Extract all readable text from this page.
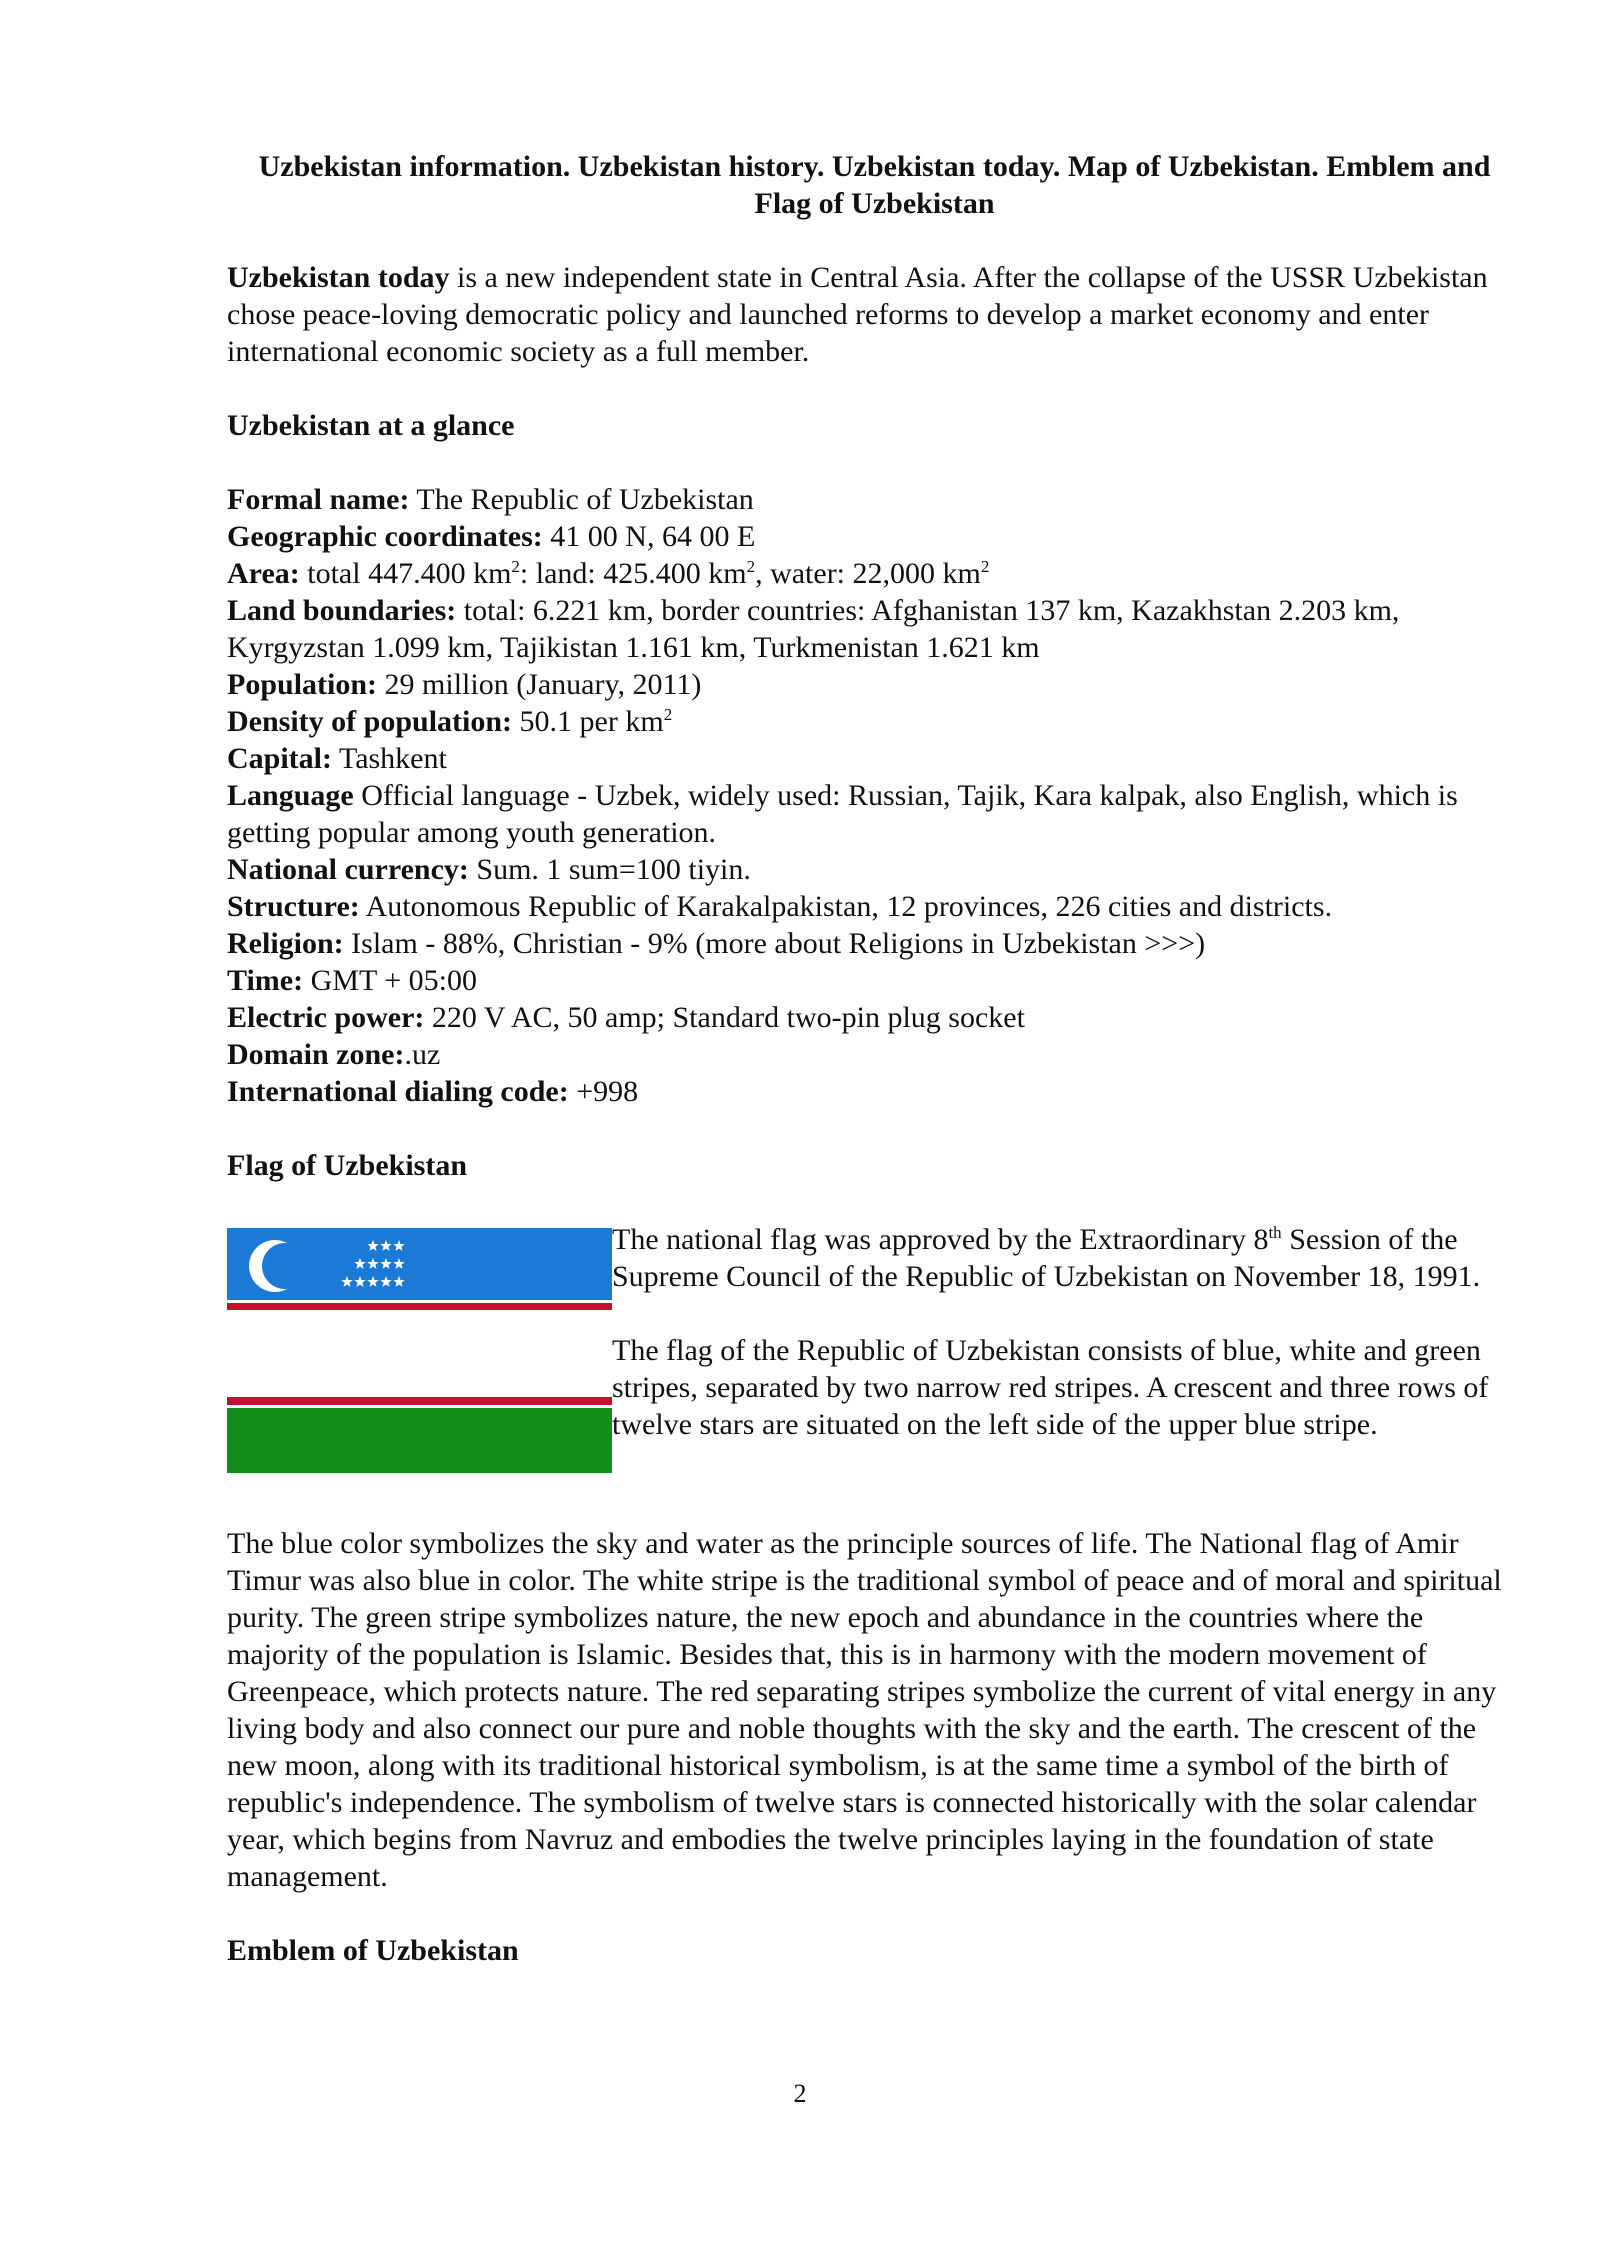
Uzbekistan information. Uzbekistan history. Uzbekistan today. Map of Uzbekistan. Emblem and Flag of Uzbekistan

Uzbekistan today is a new independent state in Central Asia. After the collapse of the USSR Uzbekistan chose peace-loving democratic policy and launched reforms to develop a market economy and enter international economic society as a full member.

Uzbekistan at a glance

Formal name: The Republic of Uzbekistan

Geographic coordinates: 41 00 N, 64 00 E

Area: total 447.400 $km^2$: land: 425.400 $km^2$, water: 22,000 $km^2$

Land boundaries: total: 6.221 km, border countries: Afghanistan 137 km, Kazakhstan 2.203 km, Kyrgyzstan 1.099 km, Tajikistan 1.161 km, Turkmenistan 1.621 km

Population: 29 million (January, 2011)

Density of population: 50.1 per $km^2$

Capital: Tashkent

Language Official language - Uzbek, widely used: Russian, Tajik, Kara kalpak, also English, which is getting popular among youth generation.

National currency: Sum. 1 sum=100 tiyin.

Structure: Autonomous Republic of Karakalpakistan, 12 provinces, 226 cities and districts.

Religion: Islam - 88%, Christian - 9% (more about Religions in Uzbekistan >>>)

Time: GMT + 05:00

Electric power: 220 V AC, 50 amp; Standard two-pin plug socket

Domain zone:.uz

International dialing code: +998

Flag of Uzbekistan

The national flag was approved by the Extraordinary 8th Session of the Supreme Council of the Republic of Uzbekistan on November 18, 1991.

The flag of the Republic of Uzbekistan consists of blue, white and green stripes, separated by two narrow red stripes. A crescent and three rows of twelve stars are situated on the left side of the upper blue stripe.

The blue color symbolizes the sky and water as the principle sources of life. The National flag of Amir Timur was also blue in color. The white stripe is the traditional symbol of peace and of moral and spiritual purity. The green stripe symbolizes nature, the new epoch and abundance in the countries where the majority of the population is Islamic. Besides that, this is in harmony with the modern movement of Greenpeace, which protects nature. The red separating stripes symbolize the current of vital energy in any living body and also connect our pure and noble thoughts with the sky and the earth. The crescent of the new moon, along with its traditional historical symbolism, is at the same time a symbol of the birth of republic's independence. The symbolism of twelve stars is connected historically with the solar calendar year, which begins from Navruz and embodies the twelve principles laying in the foundation of state management.

Emblem of Uzbekistan
2
